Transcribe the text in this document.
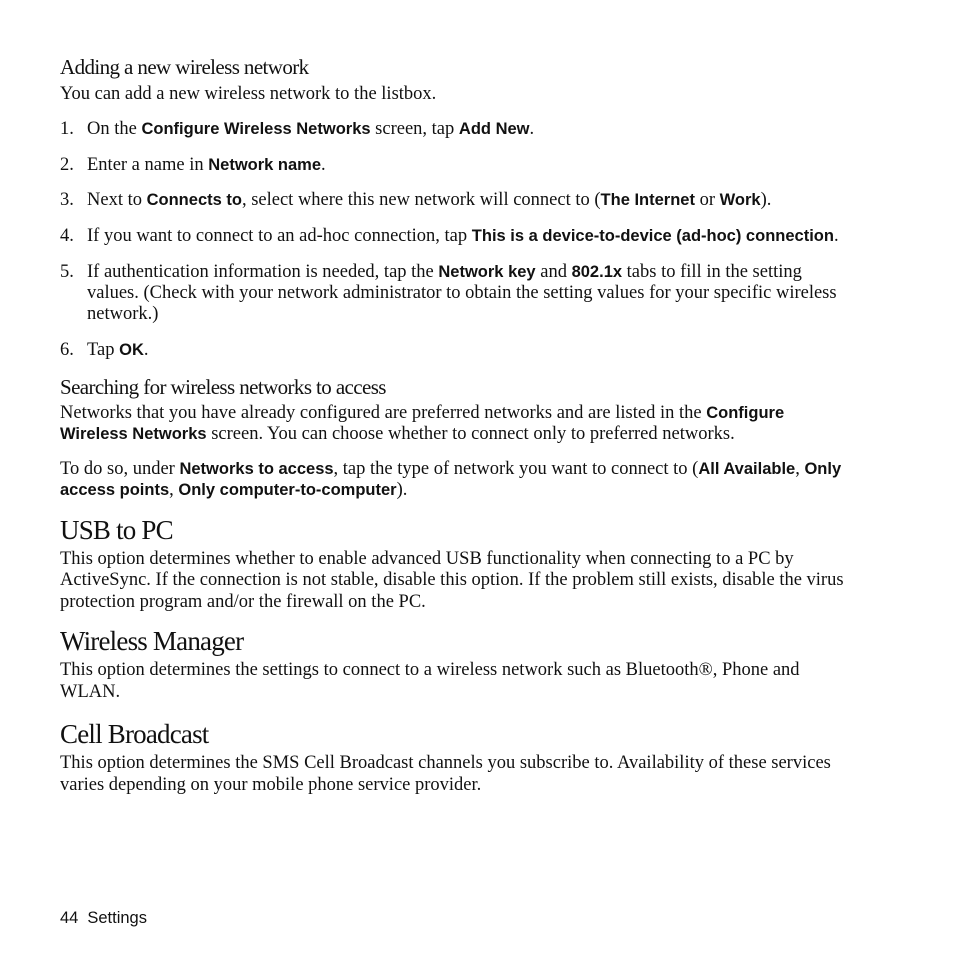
Adding a new wireless network

You can add a new wireless network to the listbox.

1. On the Configure Wireless Networks screen, tap Add New.
2. Enter a name in Network name.
3. Next to Connects to, select where this new network will connect to (The Internet or Work).
4. If you want to connect to an ad-hoc connection, tap This is a device-to-device (ad-hoc) connection.
5. If authentication information is needed, tap the Network key and 802.1x tabs to fill in the setting values. (Check with your network administrator to obtain the setting values for your specific wireless network.)
6. Tap OK.
Searching for wireless networks to access

Networks that you have already configured are preferred networks and are listed in the Configure Wireless Networks screen. You can choose whether to connect only to preferred networks.

To do so, under Networks to access, tap the type of network you want to connect to (All Available, Only access points, Only computer-to-computer).

USB to PC

This option determines whether to enable advanced USB functionality when connecting to a PC by ActiveSync. If the connection is not stable, disable this option. If the problem still exists, disable the virus protection program and/or the firewall on the PC.

Wireless Manager

This option determines the settings to connect to a wireless network such as Bluetooth®, Phone and WLAN.

Cell Broadcast

This option determines the SMS Cell Broadcast channels you subscribe to. Availability of these services varies depending on your mobile phone service provider.

44 Settings
